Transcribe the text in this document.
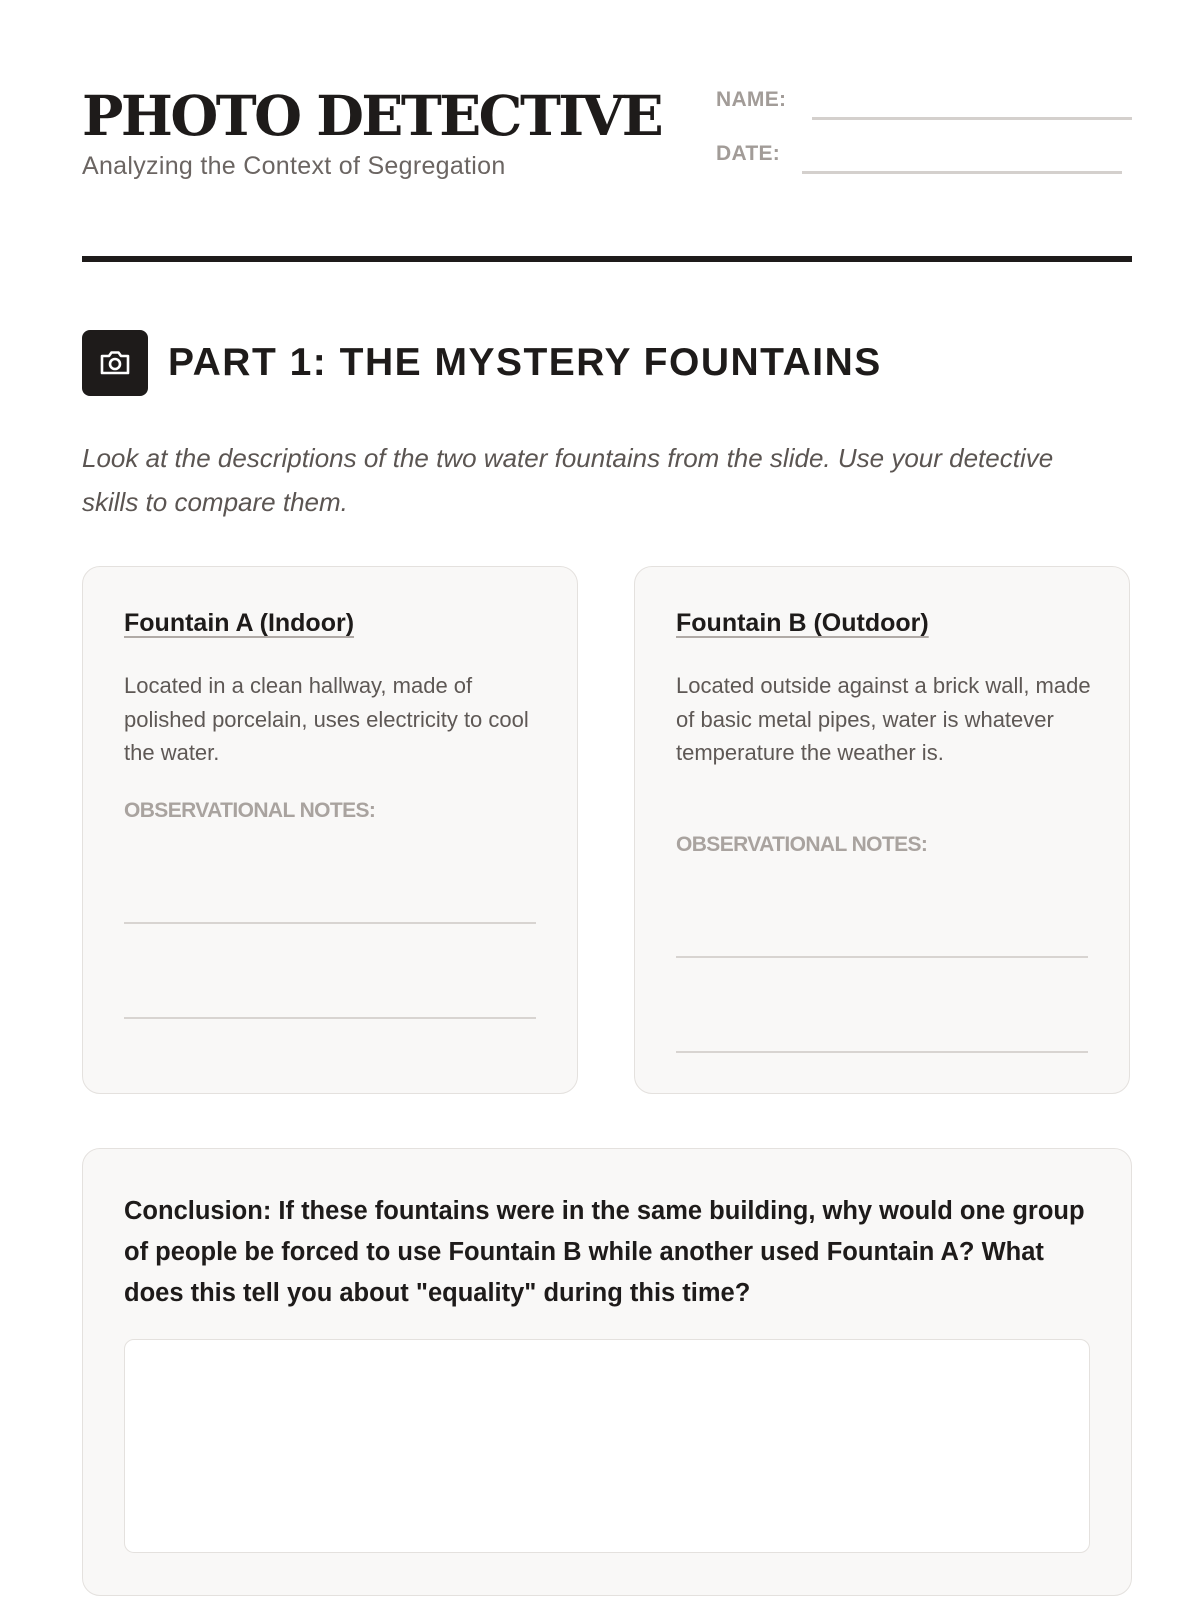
PHOTO DETECTIVE
Analyzing the Context of Segregation
NAME:
DATE:
PART 1: THE MYSTERY FOUNTAINS

Look at the descriptions of the two water fountains from the slide. Use your detective skills to compare them.

Fountain A (Indoor)

Located in a clean hallway, made of polished porcelain, uses electricity to cool the water.

OBSERVATIONAL NOTES:
Fountain B (Outdoor)

Located outside against a brick wall, made of basic metal pipes, water is whatever temperature the weather is.

OBSERVATIONAL NOTES:

Conclusion: If these fountains were in the same building, why would one group of people be forced to use Fountain B while another used Fountain A? What does this tell you about "equality" during this time?
